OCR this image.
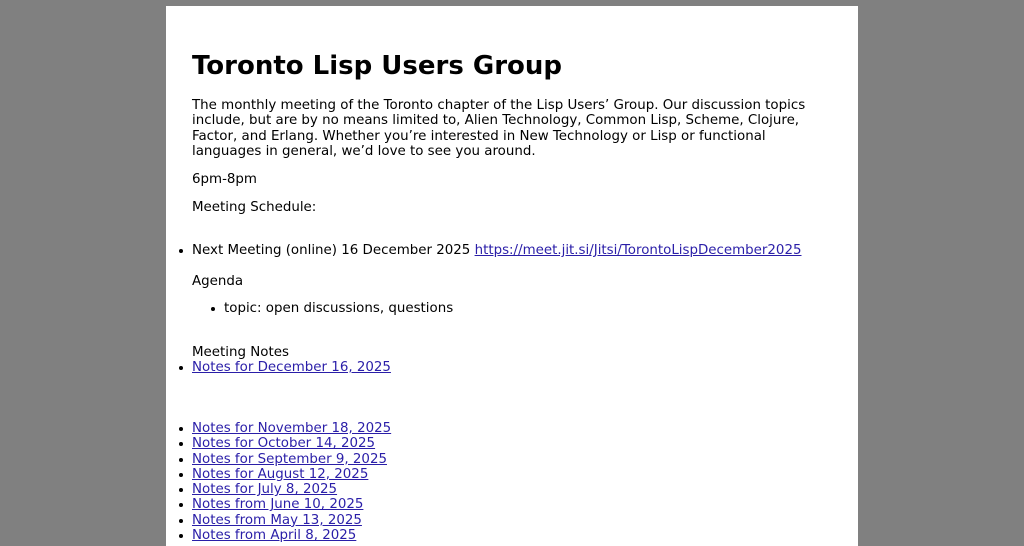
Toronto Lisp Users Group

The monthly meeting of the Toronto chapter of the Lisp Users’ Group. Our discussion topics include, but are by no means limited to, Alien Technology, Common Lisp, Scheme, Clojure, Factor, and Erlang. Whether you’re interested in New Technology or Lisp or functional languages in general, we’d love to see you around.

6pm-8pm

Meeting Schedule:

Next Meeting (online) 16 December 2025 https://meet.jit.si/Jitsi/TorontoLispDecember2025

Agenda

topic: open discussions, questions

Meeting Notes

Notes for December 16, 2025
Notes for November 18, 2025
Notes for October 14, 2025
Notes for September 9, 2025
Notes for August 12, 2025
Notes for July 8, 2025
Notes from June 10, 2025
Notes from May 13, 2025
Notes from April 8, 2025
